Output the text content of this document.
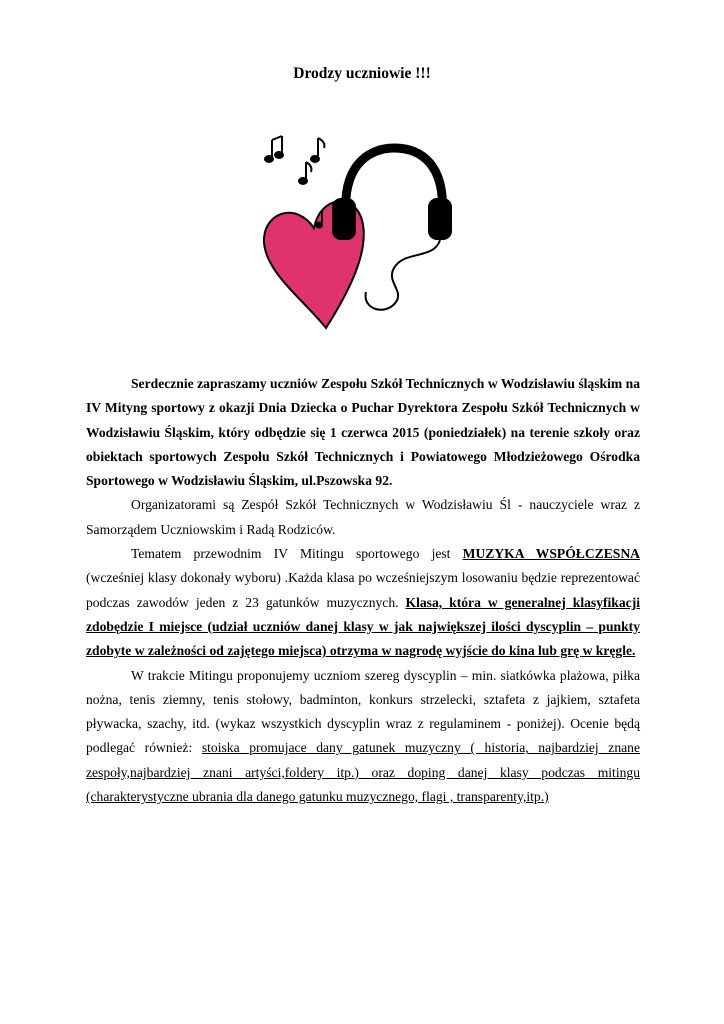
Drodzy uczniowie !!!

Serdecznie zapraszamy uczniów Zespołu Szkół Technicznych w Wodzisławiu śląskim na IV Mityng sportowy z okazji Dnia Dziecka o Puchar Dyrektora Zespołu Szkół Technicznych w Wodzisławiu Śląskim, który odbędzie się 1 czerwca 2015 (poniedziałek) na terenie szkoły oraz obiektach sportowych Zespołu Szkół Technicznych i Powiatowego Młodzieżowego Ośrodka Sportowego w Wodzisławiu Śląskim, ul.Pszowska 92.

Organizatorami są Zespół Szkół Technicznych w Wodzisławiu Śl - nauczyciele wraz z Samorządem Uczniowskim i Radą Rodziców.

Tematem przewodnim IV Mitingu sportowego jest MUZYKA WSPÓŁCZESNA (wcześniej klasy dokonały wyboru) .Każda klasa po wcześniejszym losowaniu będzie reprezentować podczas zawodów jeden z 23 gatunków muzycznych. Klasa, która w generalnej klasyfikacji zdobędzie I miejsce (udział uczniów danej klasy w jak największej ilości dyscyplin – punkty zdobyte w zależności od zajętego miejsca) otrzyma w nagrodę wyjście do kina lub grę w kręgle.

W trakcie Mitingu proponujemy uczniom szereg dyscyplin – min. siatkówka plażowa, piłka nożna, tenis ziemny, tenis stołowy, badminton, konkurs strzelecki, sztafeta z jajkiem, sztafeta pływacka, szachy, itd. (wykaz wszystkich dyscyplin wraz z regulaminem - poniżej). Ocenie będą podlegać również: stoiska promujace dany gatunek muzyczny ( historia, najbardziej znane zespoły,najbardziej znani artyści,foldery itp.) oraz doping danej klasy podczas mitingu (charakterystyczne ubrania dla danego gatunku muzycznego, flagi , transparenty,itp.)
